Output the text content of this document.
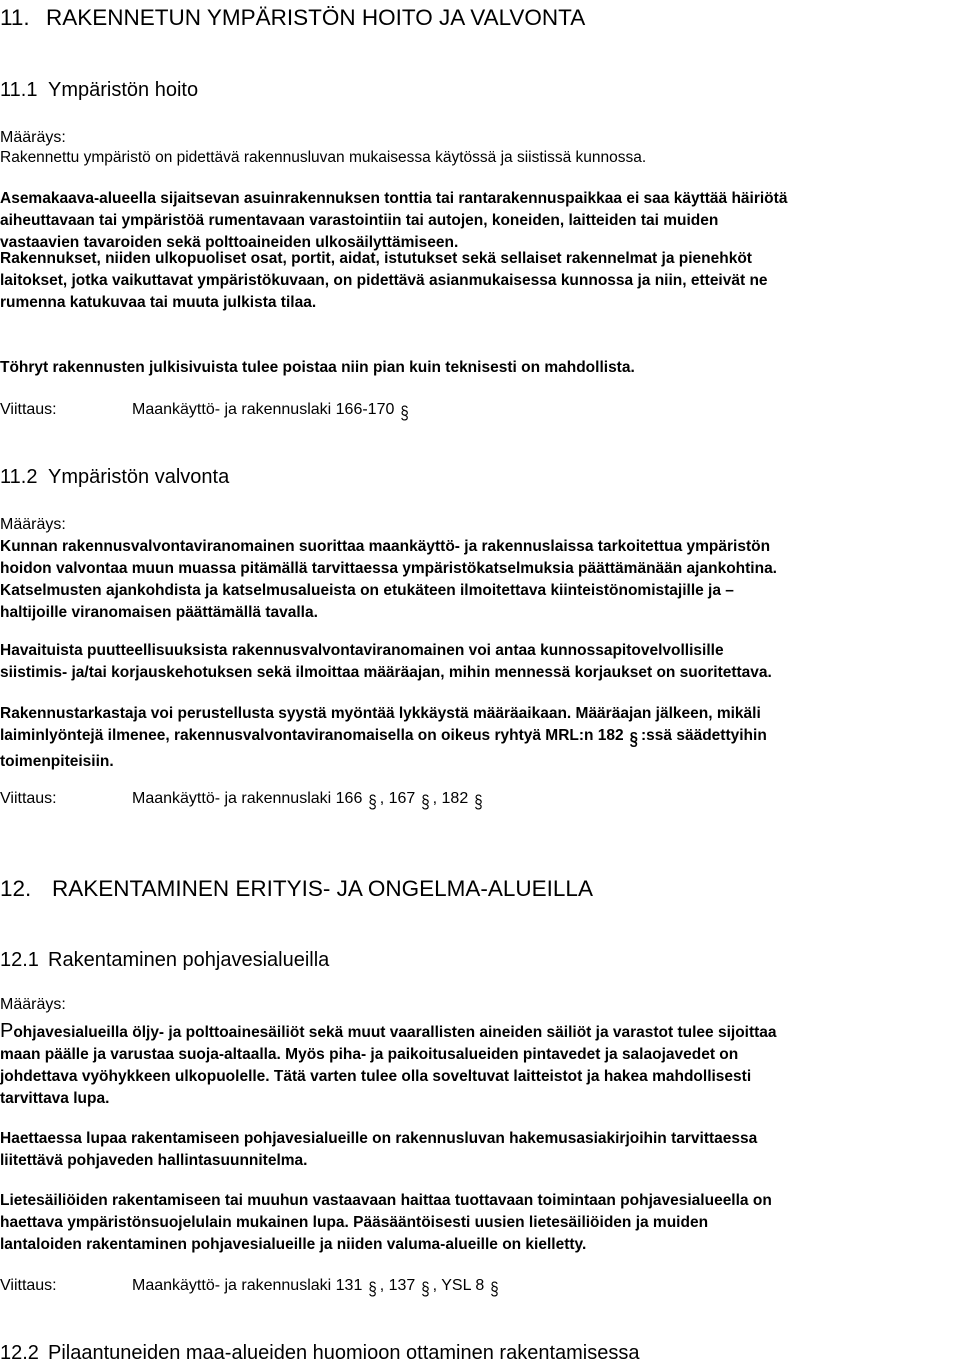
11. RAKENNETUN YMPÄRISTÖN HOITO JA VALVONTA
11.1 Ympäristön hoito
Määräys:
Rakennettu ympäristö on pidettävä rakennusluvan mukaisessa käytössä ja siistissä kunnossa.
Asemakaava-alueella sijaitsevan asuinrakennuksen tonttia tai rantarakennuspaikkaa ei saa käyttää häiriötä
aiheuttavaan tai ympäristöä rumentavaan varastointiin tai autojen, koneiden, laitteiden tai muiden
vastaavien tavaroiden sekä polttoaineiden ulkosäilyttämiseen.
Rakennukset, niiden ulkopuoliset osat, portit, aidat, istutukset sekä sellaiset rakennelmat ja pienehköt
laitokset, jotka vaikuttavat ympäristökuvaan, on pidettävä asianmukaisessa kunnossa ja niin, etteivät ne
rumenna katukuvaa tai muuta julkista tilaa.
Töhryt rakennusten julkisivuista tulee poistaa niin pian kuin teknisesti on mahdollista.
Viittaus:	Maankäyttö- ja rakennuslaki 166-170 §
11.2 Ympäristön valvonta
Määräys:
Kunnan rakennusvalvontaviranomainen suorittaa maankäyttö- ja rakennuslaissa tarkoitettua ympäristön
hoidon valvontaa muun muassa pitämällä tarvittaessa ympäristökatselmuksia päättämänään ajankohtina.
Katselmusten ajankohdista ja katselmusalueista on etukäteen ilmoitettava kiinteistönomistajille ja –
haltijoille viranomaisen päättämällä tavalla.
Havaituista puutteellisuuksista rakennusvalvontaviranomainen voi antaa kunnossapitovelvollisille
siistimis- ja/tai korjauskehotuksen sekä ilmoittaa määräajan, mihin mennessä korjaukset on suoritettava.
Rakennustarkastaja voi perustellusta syystä myöntää lykkäystä määräaikaan. Määräajan jälkeen, mikäli
laiminlyöntejä ilmenee, rakennusvalvontaviranomaisella on oikeus ryhtyä MRL:n 182 § :ssä säädettyihin
toimenpiteisiin.
Viittaus:	Maankäyttö- ja rakennuslaki 166 § , 167 § , 182 §
12. RAKENTAMINEN ERITYIS- JA ONGELMA-ALUEILLA
12.1 Rakentaminen pohjavesialueilla
Määräys:
Pohjavesialueilla öljy- ja polttoainesäiliöt sekä muut vaarallisten aineiden säiliöt ja varastot tulee sijoittaa
maan päälle ja varustaa suoja-altaalla. Myös piha- ja paikoitusalueiden pintavedet ja salaojavedet on
johdettava vyöhykkeen ulkopuolelle. Tätä varten tulee olla soveltuvat laitteistot ja hakea mahdollisesti
tarvittava lupa.
Haettaessa lupaa rakentamiseen pohjavesialueille on rakennusluvan hakemusasiakirjoihin tarvittaessa
liitettävä pohjaveden hallintasuunnitelma.
Lietesäiliöiden rakentamiseen tai muuhun vastaavaan haittaa tuottavaan toimintaan pohjavesialueella on
haettava ympäristönsuojelulain mukainen lupa. Pääsääntöisesti uusien lietesäiliöiden ja muiden
lantaloiden rakentaminen pohjavesialueille ja niiden valuma-alueille on kielletty.
Viittaus:	Maankäyttö- ja rakennuslaki 131 § , 137 § , YSL 8 §
12.2 Pilaantuneiden maa-alueiden huomioon ottaminen rakentamisessa
